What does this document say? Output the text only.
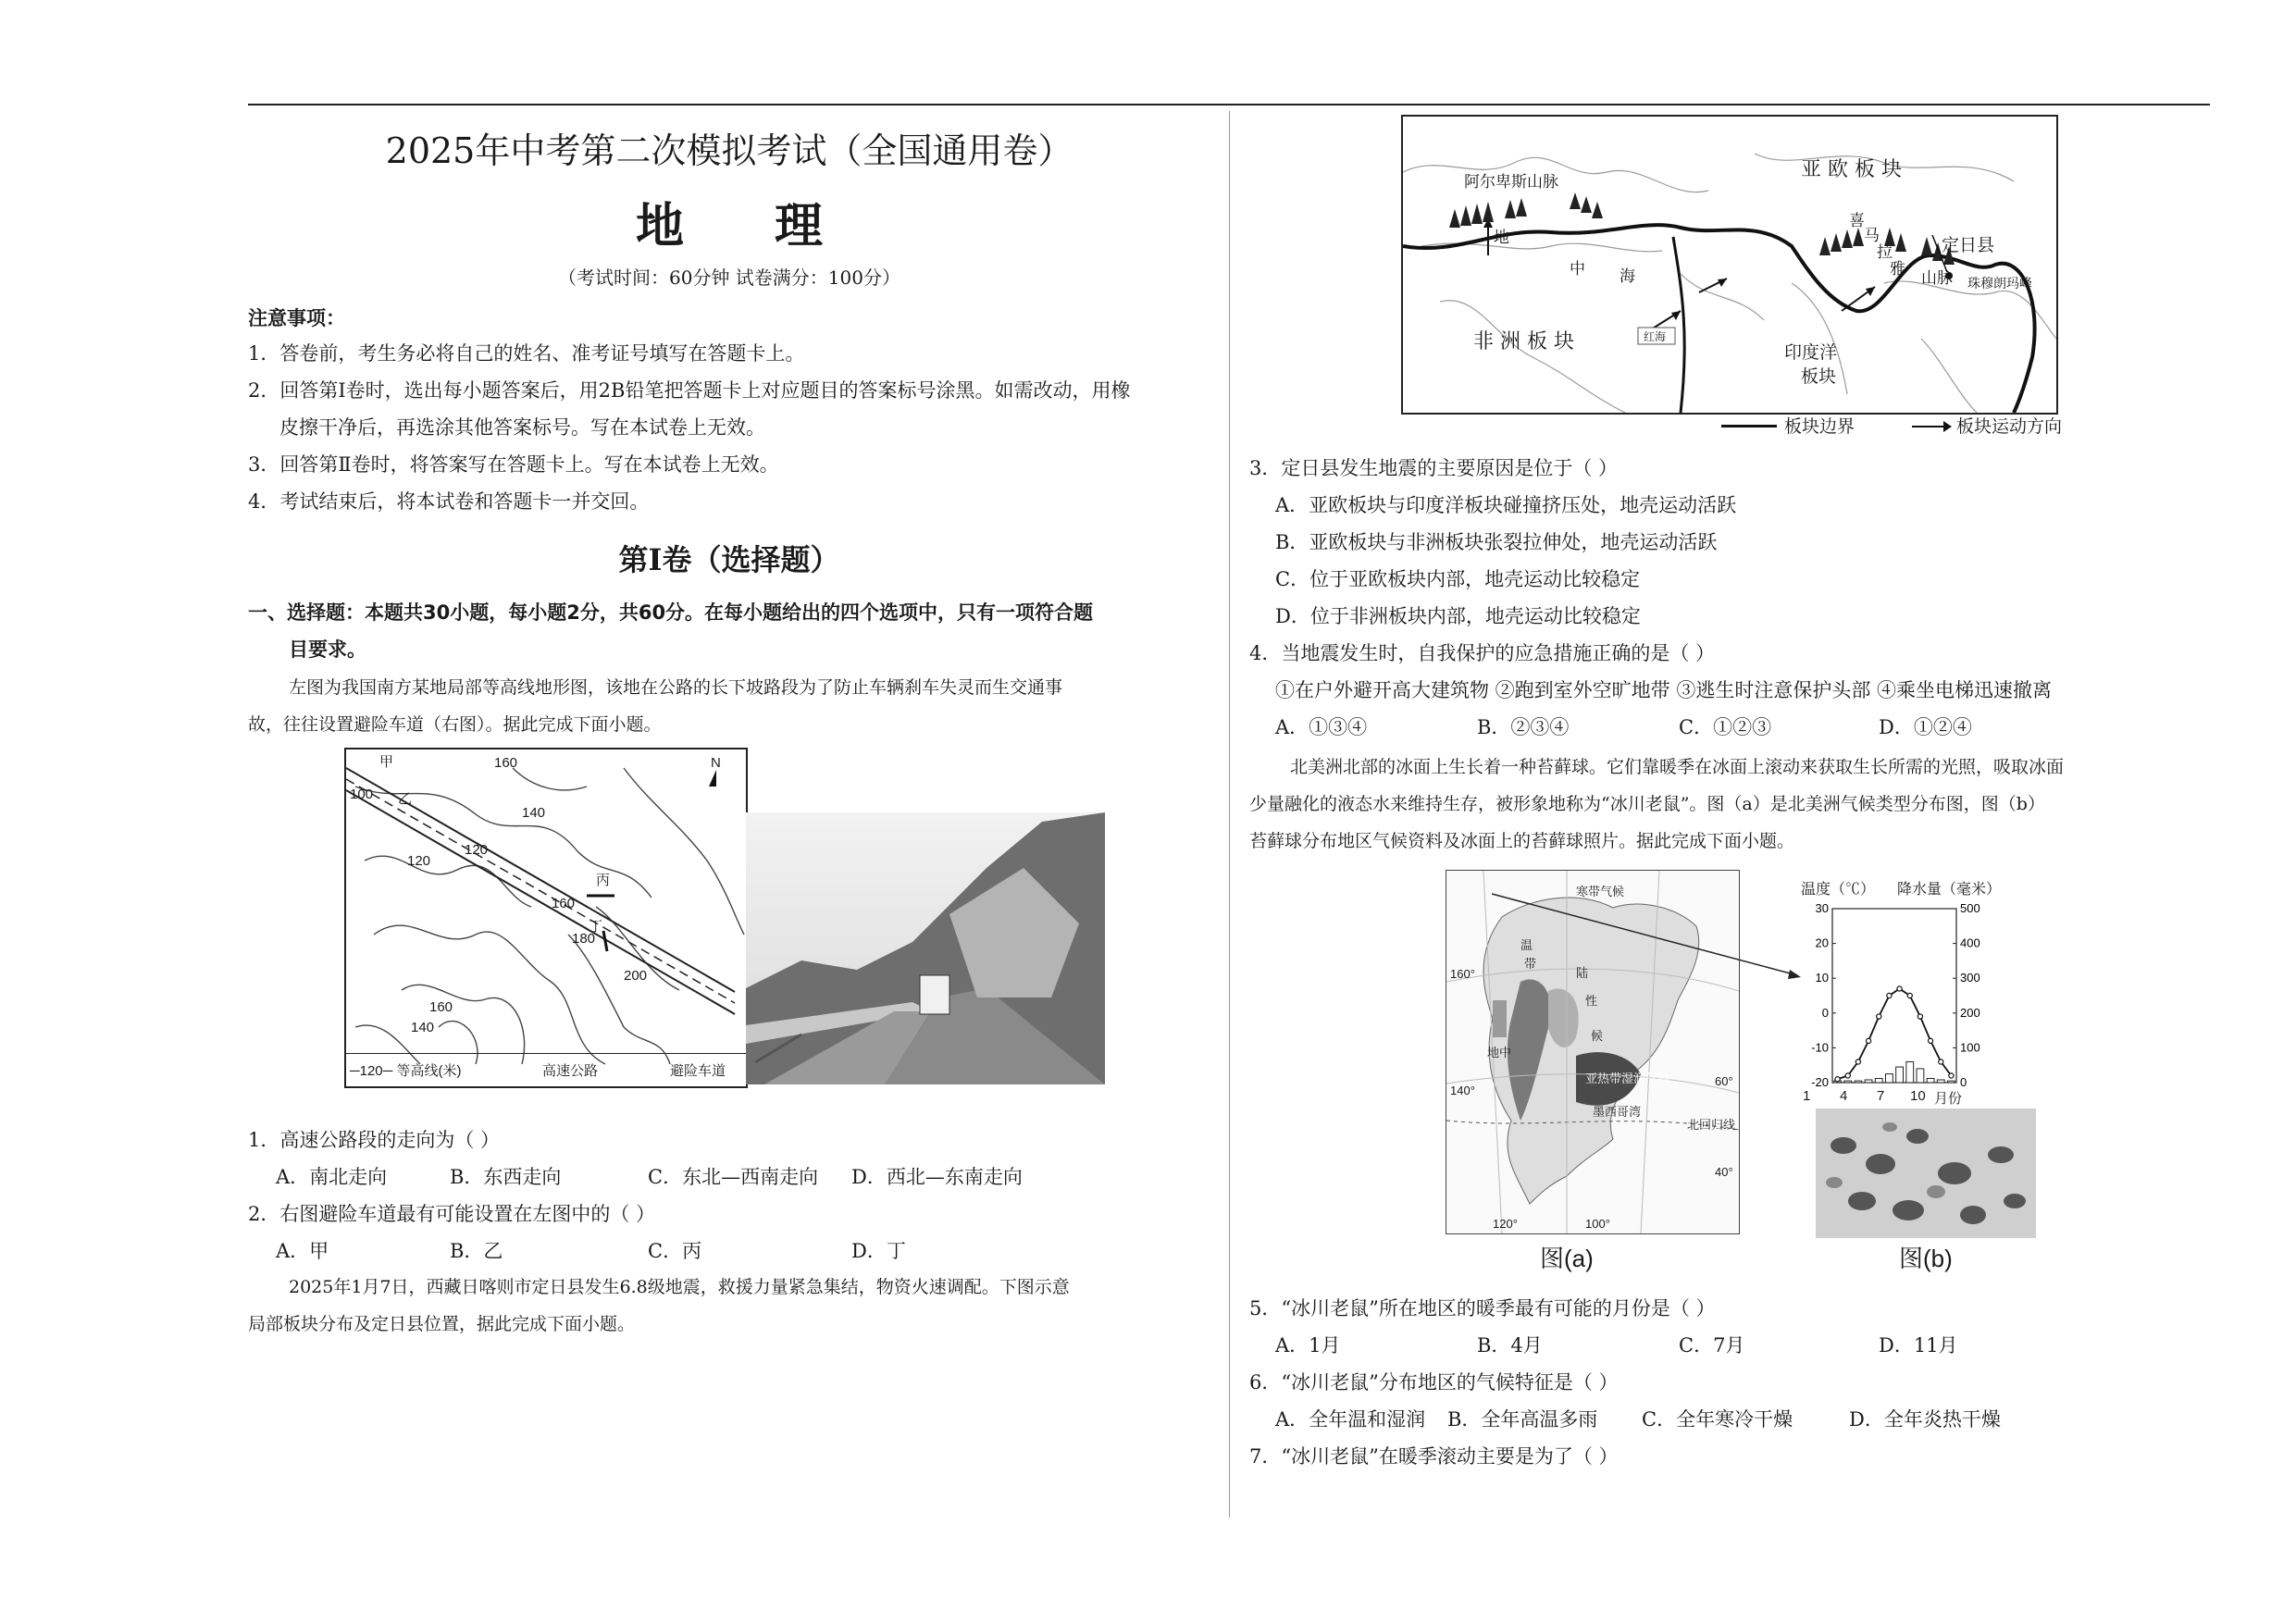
2025年中考第二次模拟考试（全国通用卷）
地 理
（考试时间：60分钟 试卷满分：100分）
注意事项：
1．答卷前，考生务必将自己的姓名、准考证号填写在答题卡上。
2．回答第Ⅰ卷时，选出每小题答案后，用2B铅笔把答题卡上对应题目的答案标号涂黑。如需改动，用橡
皮擦干净后，再选涂其他答案标号。写在本试卷上无效。
3．回答第Ⅱ卷时，将答案写在答题卡上。写在本试卷上无效。
4．考试结束后，将本试卷和答题卡一并交回。
第Ⅰ卷（选择题）
一、选择题：本题共30小题，每小题2分，共60分。在每小题给出的四个选项中，只有一项符合题
目要求。
左图为我国南方某地局部等高线地形图，该地在公路的长下坡路段为了防止车辆刹车失灵而生交通事
故，往往设置避险车道（右图）。据此完成下面小题。
甲
乙
丙
丁
N
160
100
140
120
120
160
180
200
160
140
─120─ 等高线(米)	高速公路	避险车道
1．高速公路段的走向为（ ）
A．南北走向	B．东西走向	C．东北—西南走向 D．西北—东南走向
2．右图避险车道最有可能设置在左图中的（ ）
A．甲	B．乙	C．丙	D．丁
2025年1月7日，西藏日喀则市定日县发生6.8级地震，救援力量紧急集结，物资火速调配。下图示意
局部板块分布及定日县位置，据此完成下面小题。
亚 欧 板 块
阿尔卑斯山脉
地
中 海
非 洲 板 块	红海
印度洋
板块
喜
马
拉
雅 山脉
定日县
珠穆朗玛峰
板块边界	板块运动方向
3．定日县发生地震的主要原因是位于（ ）
A．亚欧板块与印度洋板块碰撞挤压处，地壳运动活跃
B．亚欧板块与非洲板块张裂拉伸处，地壳运动活跃
C．位于亚欧板块内部，地壳运动比较稳定
D．位于非洲板块内部，地壳运动比较稳定
4．当地震发生时，自我保护的应急措施正确的是（ ）
①在户外避开高大建筑物 ②跑到室外空旷地带 ③逃生时注意保护头部 ④乘坐电梯迅速撤离
A．①③④	B．②③④	C．①②③	D．①②④
北美洲北部的冰面上生长着一种苔藓球。它们靠暖季在冰面上滚动来获取生长所需的光照，吸取冰面
少量融化的液态水来维持生存，被形象地称为“冰川老鼠”。图（a）是北美洲气候类型分布图，图（b）
苔藓球分布地区气候资料及冰面上的苔藓球照片。据此完成下面小题。
寒带气候
温
带
陆
性
候
地中
亚热带湿润气候
墨西哥湾
北回归线
160°
140°
120°	100°
60°
40°
图(a)
温度（℃） 降水量（毫米）
30
20
10
0
-10
-20
500
400
300
200
100
0
1 4 7 10 月份
图(b)
5．“冰川老鼠”所在地区的暖季最有可能的月份是（ ）
A．1月	B．4月	C．7月	D．11月
6．“冰川老鼠”分布地区的气候特征是（ ）
A．全年温和湿润 B．全年高温多雨 C．全年寒冷干燥	D．全年炎热干燥
7．“冰川老鼠”在暖季滚动主要是为了（ ）
